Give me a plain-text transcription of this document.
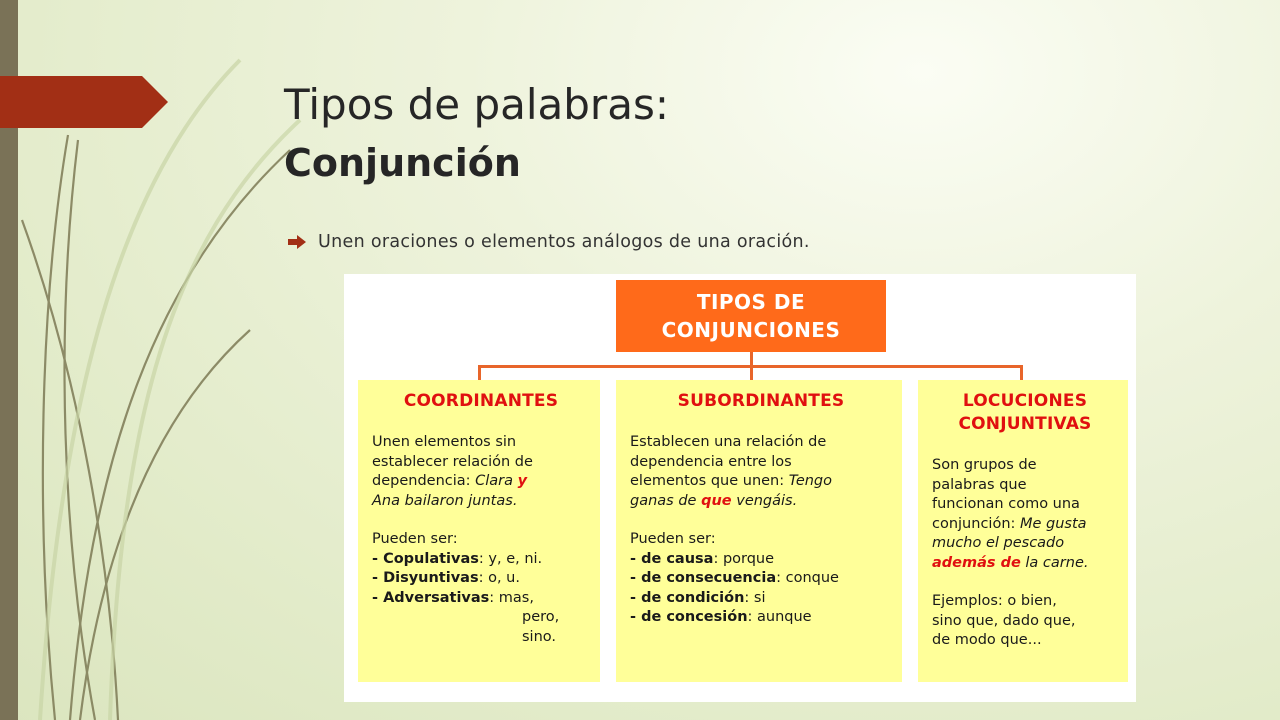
Tipos de palabras:
Conjunción
Unen oraciones o elementos análogos de una oración.
TIPOS DE CONJUNCIONES
COORDINANTES

Unen elementos sin

establecer relación de

dependencia: Clara y

Ana bailaron juntas.

Pueden ser:

- Copulativas: y, e, ni.

- Disyuntivas: o, u.

- Adversativas: mas,

pero,

sino.

SUBORDINANTES

Establecen una relación de

dependencia entre los

elementos que unen: Tengo

ganas de que vengáis.

Pueden ser:

- de causa: porque

- de consecuencia: conque

- de condición: si

- de concesión: aunque

LOCUCIONES CONJUNTIVAS

Son grupos de

palabras que

funcionan como una

conjunción: Me gusta

mucho el pescado

además de la carne.

Ejemplos: o bien,

sino que, dado que,

de modo que...
